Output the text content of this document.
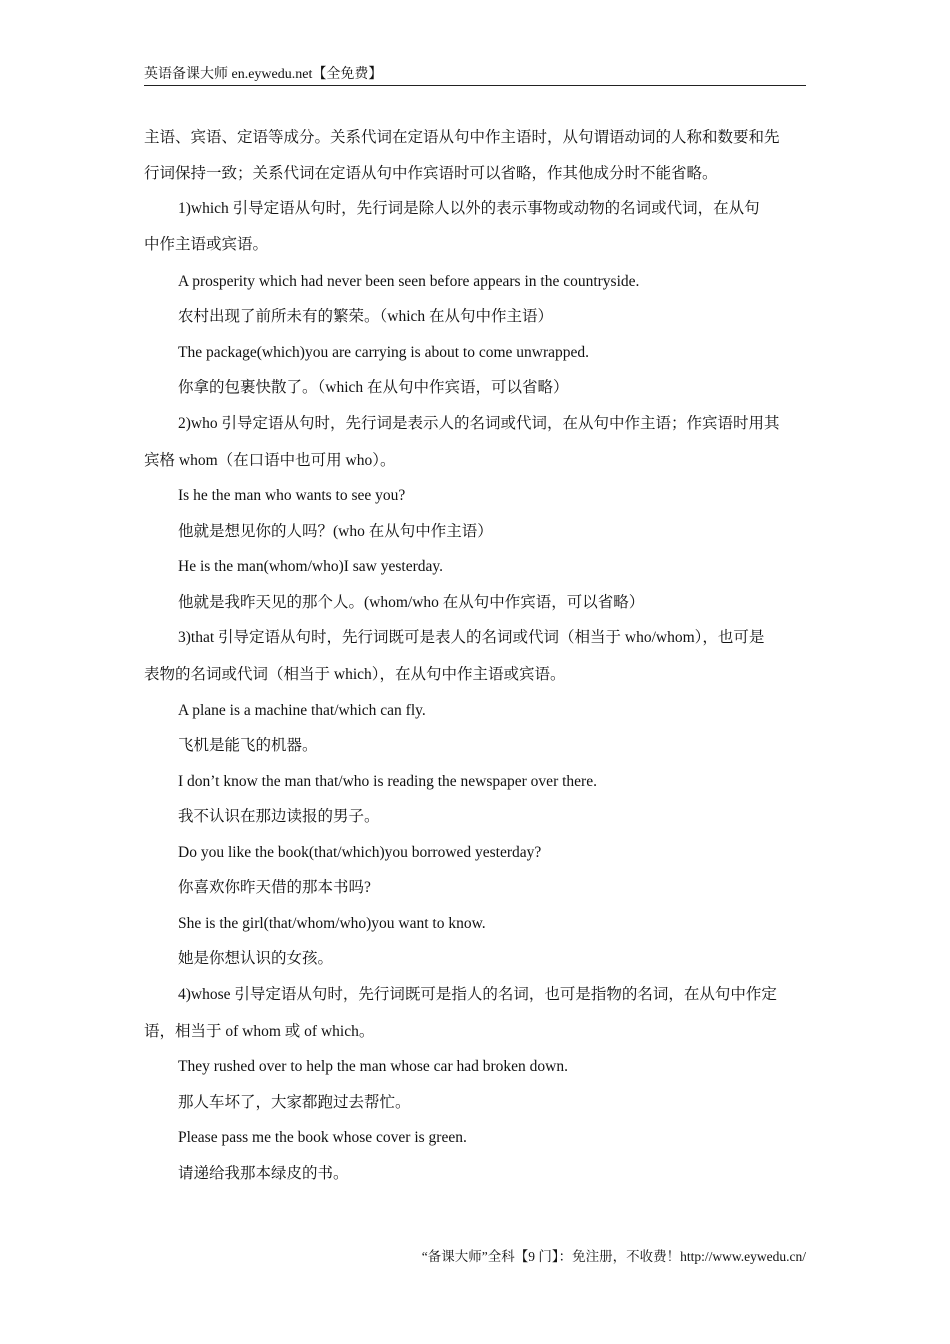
英语备课大师 en.eywedu.net【全免费】
主语、宾语、定语等成分。关系代词在定语从句中作主语时，从句谓语动词的人称和数要和先
行词保持一致；关系代词在定语从句中作宾语时可以省略，作其他成分时不能省略。
1)which 引导定语从句时，先行词是除人以外的表示事物或动物的名词或代词，在从句
中作主语或宾语。
A prosperity which had never been seen before appears in the countryside.
农村出现了前所未有的繁荣。（which 在从句中作主语）
The package(which)you are carrying is about to come unwrapped.
你拿的包裹快散了。（which 在从句中作宾语，可以省略）
2)who 引导定语从句时，先行词是表示人的名词或代词，在从句中作主语；作宾语时用其
宾格 whom（在口语中也可用 who）。
Is he the man who wants to see you?
他就是想见你的人吗？(who 在从句中作主语）
He is the man(whom/who)I saw yesterday.
他就是我昨天见的那个人。(whom/who 在从句中作宾语，可以省略）
3)that 引导定语从句时，先行词既可是表人的名词或代词（相当于 who/whom），也可是
表物的名词或代词（相当于 which），在从句中作主语或宾语。
A plane is a machine that/which can fly.
飞机是能飞的机器。
I don’t know the man that/who is reading the newspaper over there.
我不认识在那边读报的男子。
Do you like the book(that/which)you borrowed yesterday?
你喜欢你昨天借的那本书吗?
She is the girl(that/whom/who)you want to know.
她是你想认识的女孩。
4)whose 引导定语从句时，先行词既可是指人的名词，也可是指物的名词，在从句中作定
语，相当于 of whom 或 of which。
They rushed over to help the man whose car had broken down.
那人车坏了，大家都跑过去帮忙。
Please pass me the book whose cover is green.
请递给我那本绿皮的书。
“备课大师”全科【9 门】：免注册，不收费！http://www.eywedu.cn/
